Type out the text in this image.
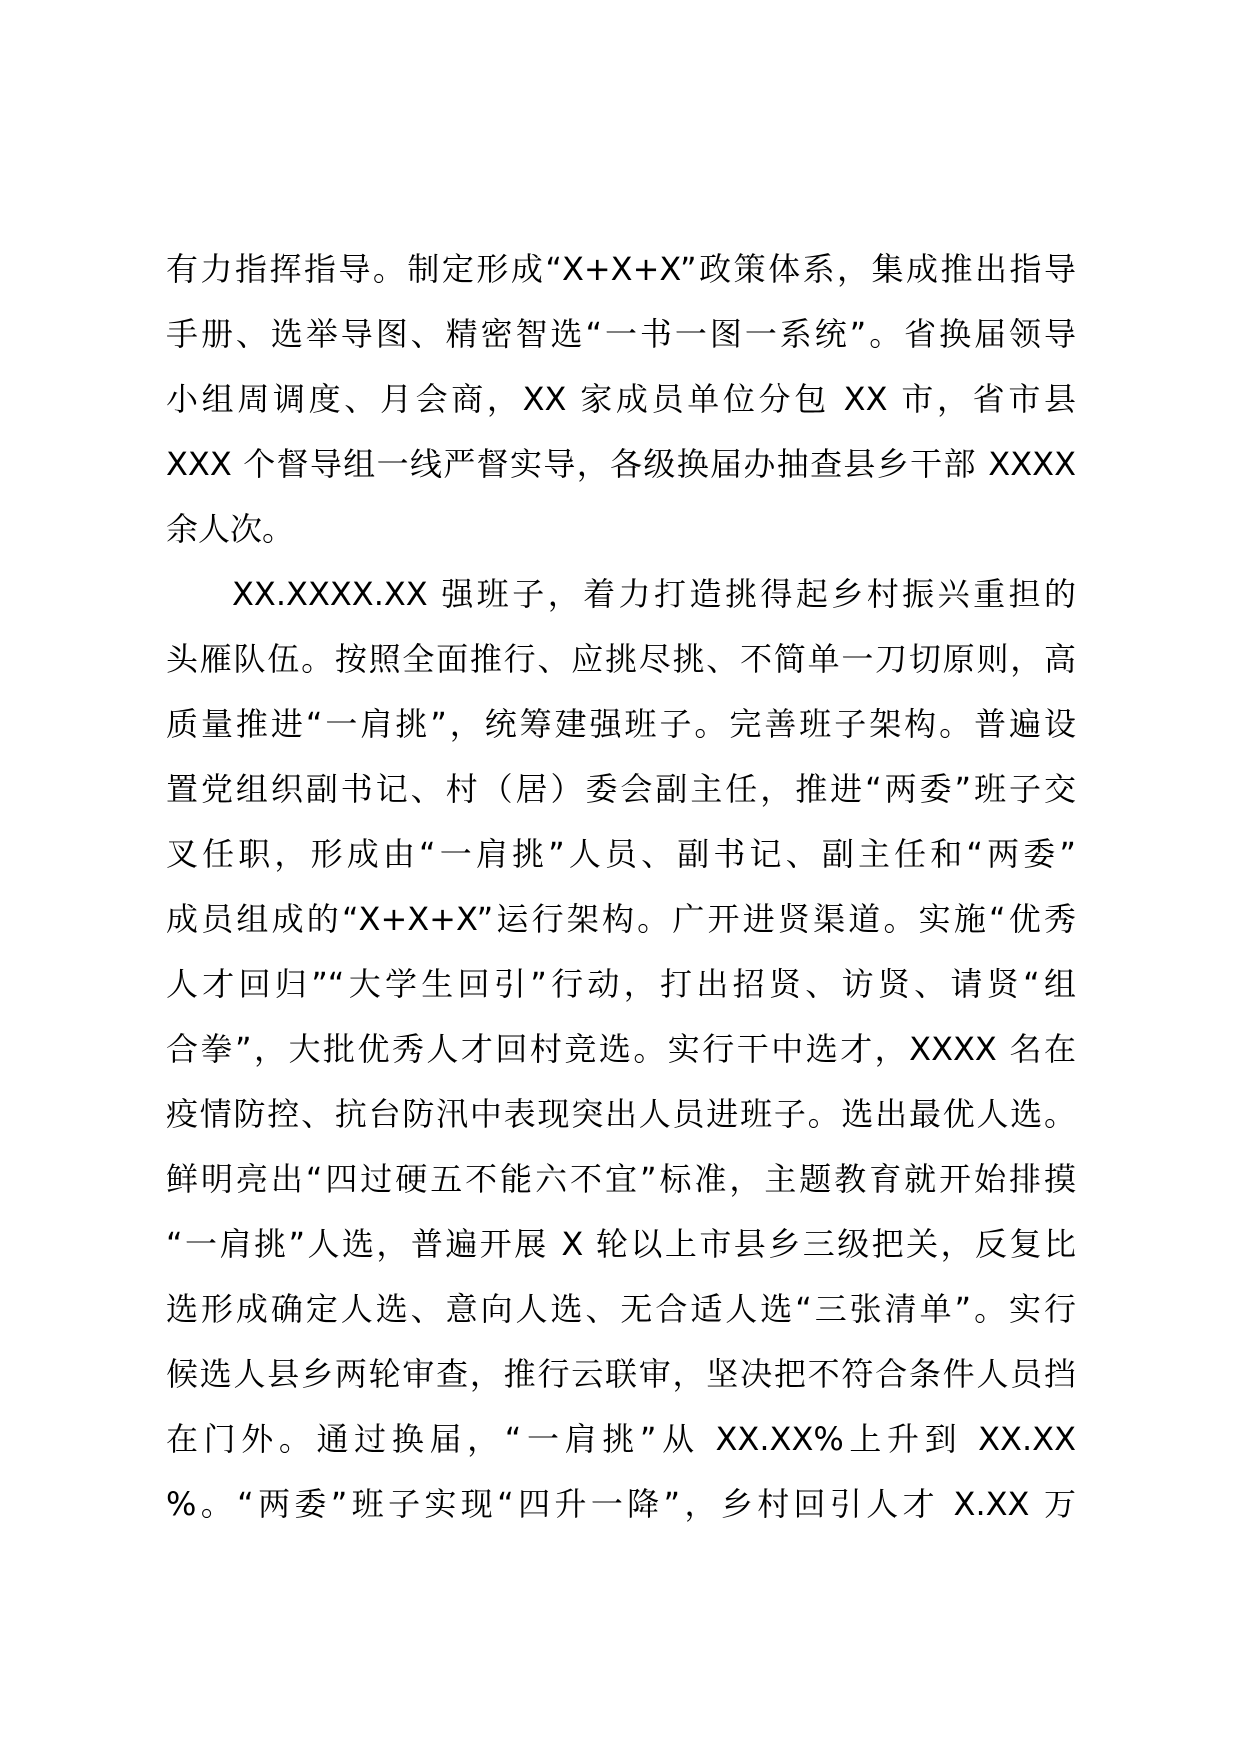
有力指挥指导。制定形成“X+X+X”政策体系，集成推出指导
手册、选举导图、精密智选“一书一图一系统”。省换届领导
小组周调度、月会商，XX 家成员单位分包 XX 市，省市县
XXX 个督导组一线严督实导，各级换届办抽查县乡干部 XXXX
余人次。
XX.XXXX.XX 强班子，着力打造挑得起乡村振兴重担的
头雁队伍。按照全面推行、应挑尽挑、不简单一刀切原则，高
质量推进“一肩挑”，统筹建强班子。完善班子架构。普遍设
置党组织副书记、村（居）委会副主任，推进“两委”班子交
叉任职，形成由“一肩挑”人员、副书记、副主任和“两委”
成员组成的“X+X+X”运行架构。广开进贤渠道。实施“优秀
人才回归”“大学生回引”行动，打出招贤、访贤、请贤“组
合拳”，大批优秀人才回村竞选。实行干中选才，XXXX 名在
疫情防控、抗台防汛中表现突出人员进班子。选出最优人选。
鲜明亮出“四过硬五不能六不宜”标准，主题教育就开始排摸
“一肩挑”人选，普遍开展 X 轮以上市县乡三级把关，反复比
选形成确定人选、意向人选、无合适人选“三张清单”。实行
候选人县乡两轮审查，推行云联审，坚决把不符合条件人员挡
在门外。通过换届，“一肩挑”从 XX.XX%上升到 XX.XX
%。“两委”班子实现“四升一降”，乡村回引人才 X.XX 万
